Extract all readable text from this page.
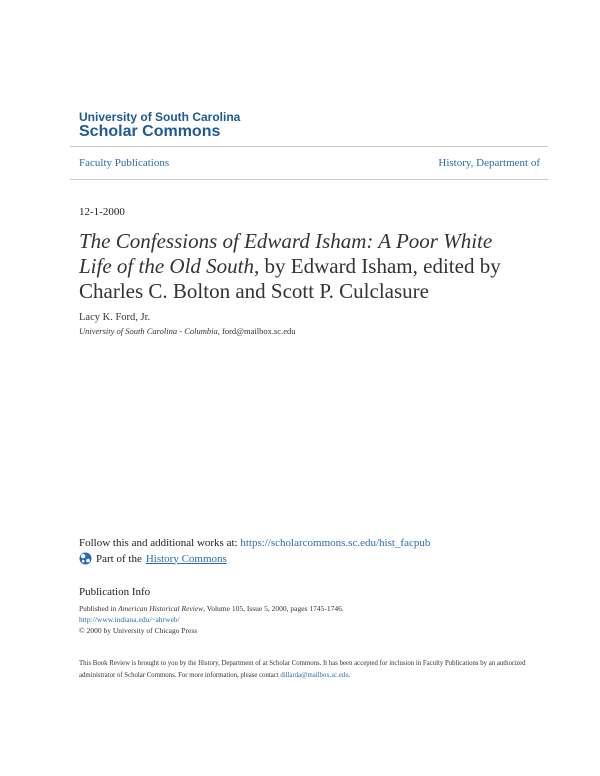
University of South Carolina
Scholar Commons
Faculty Publications	History, Department of
12-1-2000
The Confessions of Edward Isham: A Poor White Life of the Old South, by Edward Isham, edited by Charles C. Bolton and Scott P. Culclasure
Lacy K. Ford, Jr.
University of South Carolina - Columbia, ford@mailbox.sc.edu
Follow this and additional works at: https://scholarcommons.sc.edu/hist_facpub
Part of the History Commons
Publication Info
Published in American Historical Review, Volume 105, Issue 5, 2000, pages 1745-1746.
http://www.indiana.edu/~ahrweb/
© 2000 by University of Chicago Press
This Book Review is brought to you by the History, Department of at Scholar Commons. It has been accepted for inclusion in Faculty Publications by an authorized administrator of Scholar Commons. For more information, please contact dillarda@mailbox.sc.edu.
